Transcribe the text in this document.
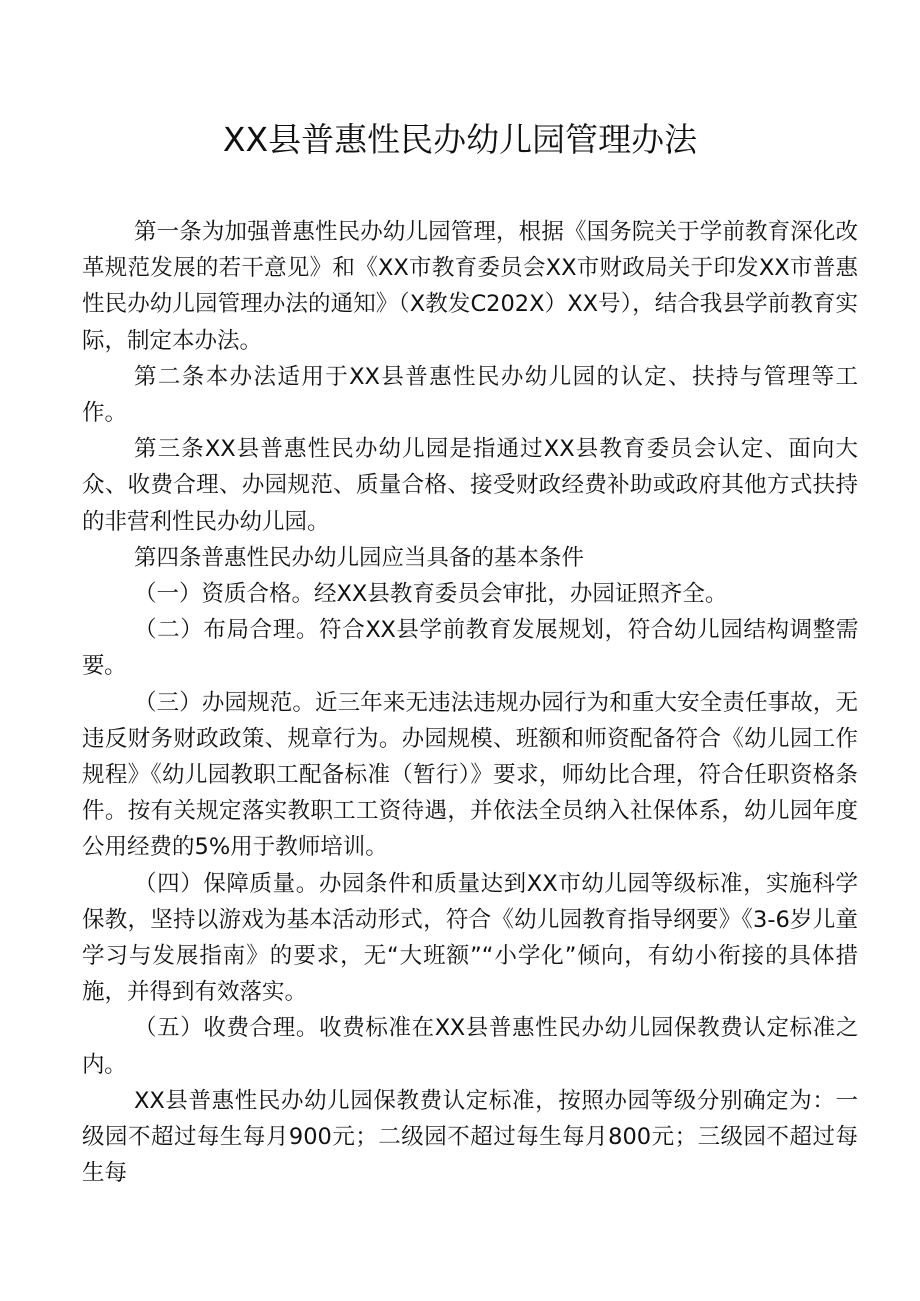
XX县普惠性民办幼儿园管理办法

第一条为加强普惠性民办幼儿园管理，根据《国务院关于学前教育深化改革规范发展的若干意见》和《XX市教育委员会XX市财政局关于印发XX市普惠性民办幼儿园管理办法的通知》（X教发C202X）XX号），结合我县学前教育实际，制定本办法。

第二条本办法适用于XX县普惠性民办幼儿园的认定、扶持与管理等工作。

第三条XX县普惠性民办幼儿园是指通过XX县教育委员会认定、面向大众、收费合理、办园规范、质量合格、接受财政经费补助或政府其他方式扶持的非营利性民办幼儿园。

第四条普惠性民办幼儿园应当具备的基本条件

（一）资质合格。经XX县教育委员会审批，办园证照齐全。

（二）布局合理。符合XX县学前教育发展规划，符合幼儿园结构调整需要。

（三）办园规范。近三年来无违法违规办园行为和重大安全责任事故，无违反财务财政政策、规章行为。办园规模、班额和师资配备符合《幼儿园工作规程》《幼儿园教职工配备标准（暂行）》要求，师幼比合理，符合任职资格条件。按有关规定落实教职工工资待遇，并依法全员纳入社保体系，幼儿园年度公用经费的5%用于教师培训。

（四）保障质量。办园条件和质量达到XX市幼儿园等级标准，实施科学保教，坚持以游戏为基本活动形式，符合《幼儿园教育指导纲要》《3-6岁儿童学习与发展指南》的要求，无“大班额”“小学化”倾向，有幼小衔接的具体措施，并得到有效落实。

（五）收费合理。收费标准在XX县普惠性民办幼儿园保教费认定标准之内。

XX县普惠性民办幼儿园保教费认定标准，按照办园等级分别确定为：一级园不超过每生每月900元；二级园不超过每生每月800元；三级园不超过每生每
